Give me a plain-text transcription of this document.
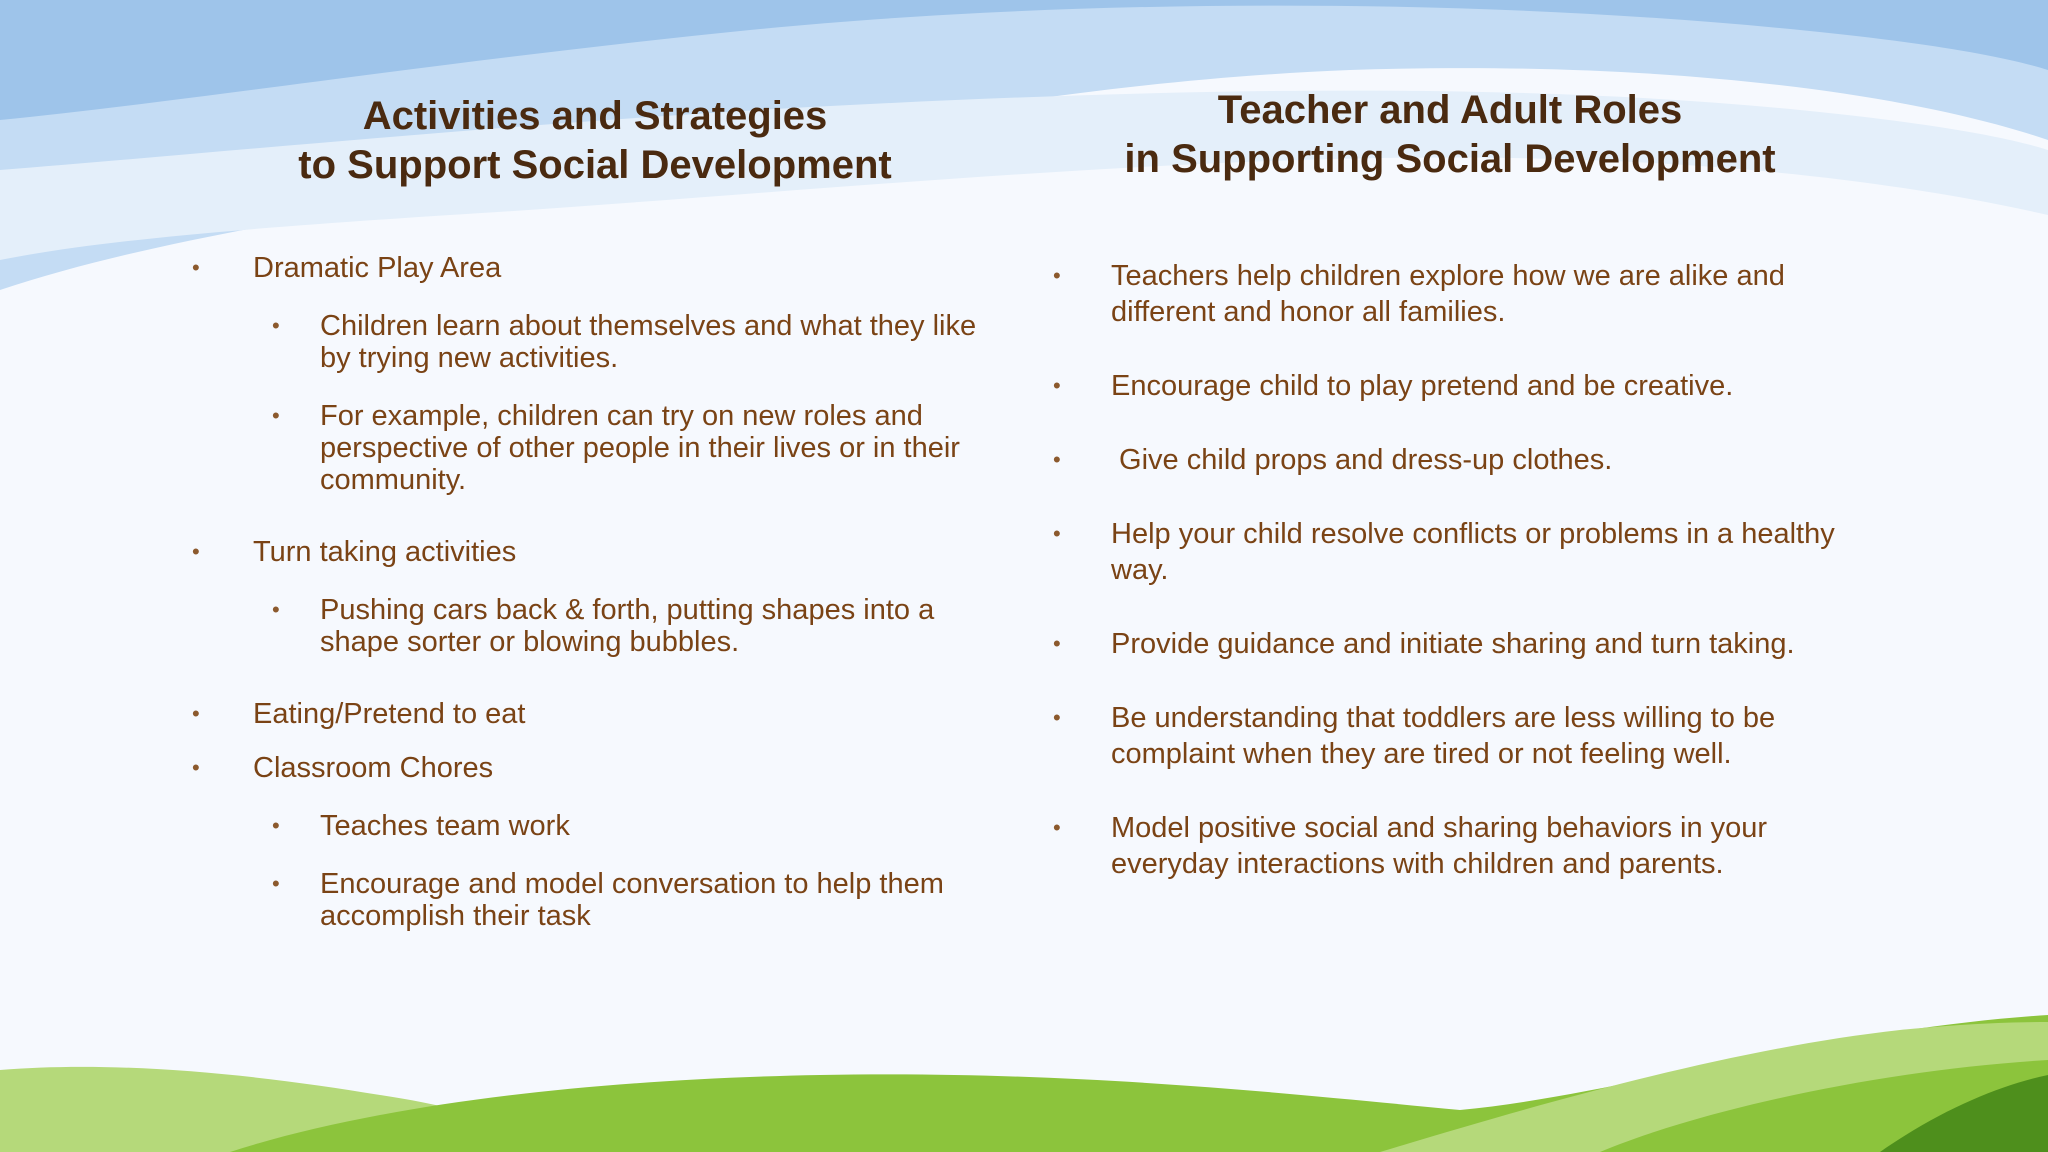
Activities and Strategies
to Support Social Development
Teacher and Adult Roles
in Supporting Social Development
• Dramatic Play Area
• Children learn about themselves and what they like by trying new activities.
• For example, children can try on new roles and perspective of other people in their lives or in their community.
• Turn taking activities
• Pushing cars back & forth, putting shapes into a shape sorter or blowing bubbles.
• Eating/Pretend to eat
• Classroom Chores
• Teaches team work
• Encourage and model conversation to help them accomplish their task
• Teachers help children explore how we are alike and different and honor all families.
• Encourage child to play pretend and be creative.
• Give child props and dress-up clothes.
• Help your child resolve conflicts or problems in a healthy way.
• Provide guidance and initiate sharing and turn taking.
• Be understanding that toddlers are less willing to be complaint when they are tired or not feeling well.
• Model positive social and sharing behaviors in your everyday interactions with children and parents.
